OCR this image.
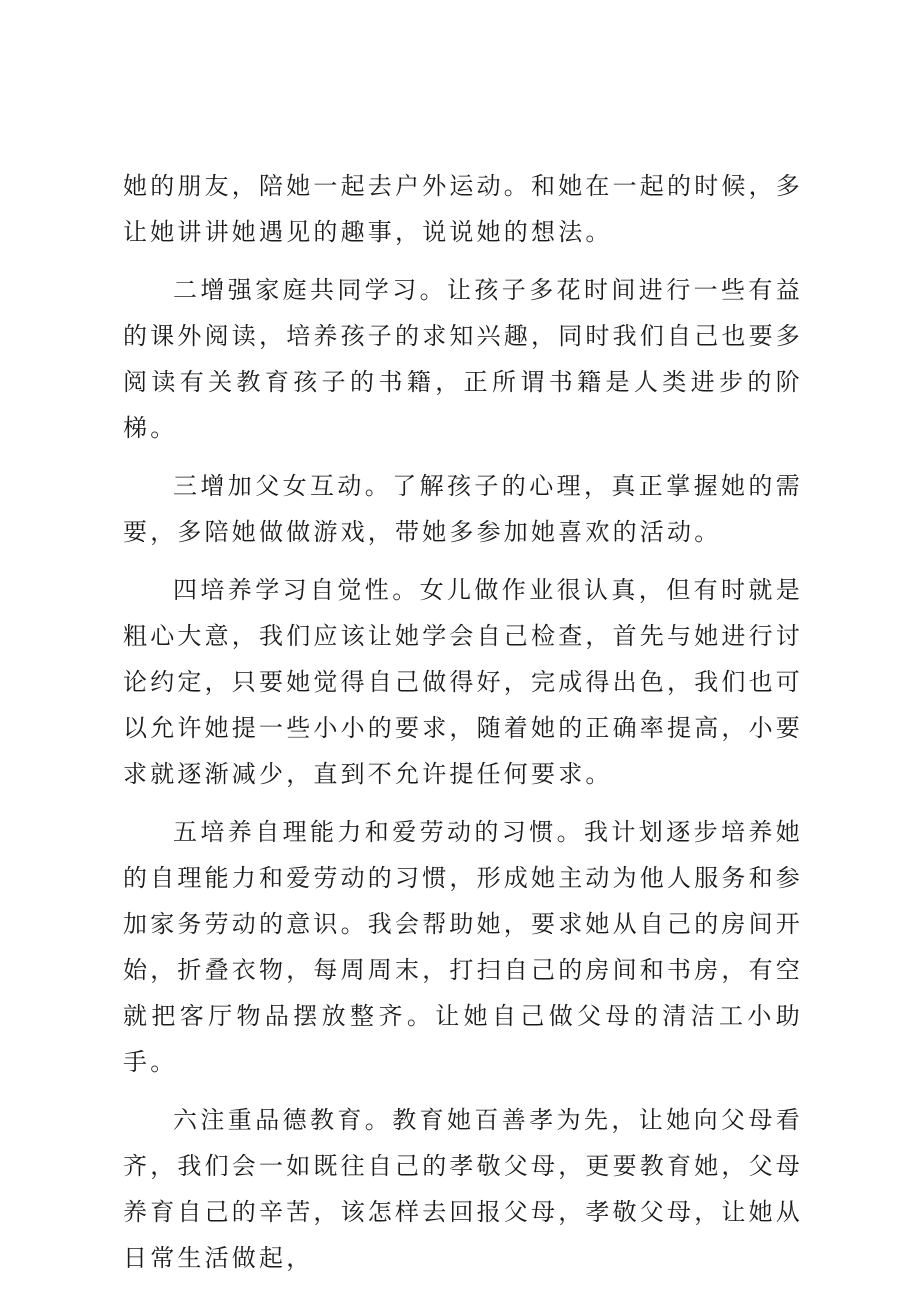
她的朋友，陪她一起去户外运动。和她在一起的时候，多让她讲讲她遇见的趣事，说说她的想法。

二增强家庭共同学习。让孩子多花时间进行一些有益的课外阅读，培养孩子的求知兴趣，同时我们自己也要多阅读有关教育孩子的书籍，正所谓书籍是人类进步的阶梯。

三增加父女互动。了解孩子的心理，真正掌握她的需要，多陪她做做游戏，带她多参加她喜欢的活动。

四培养学习自觉性。女儿做作业很认真，但有时就是粗心大意，我们应该让她学会自己检查，首先与她进行讨论约定，只要她觉得自己做得好，完成得出色，我们也可以允许她提一些小小的要求，随着她的正确率提高，小要求就逐渐减少，直到不允许提任何要求。

五培养自理能力和爱劳动的习惯。我计划逐步培养她的自理能力和爱劳动的习惯，形成她主动为他人服务和参加家务劳动的意识。我会帮助她，要求她从自己的房间开始，折叠衣物，每周周末，打扫自己的房间和书房，有空就把客厅物品摆放整齐。让她自己做父母的清洁工小助手。

六注重品德教育。教育她百善孝为先，让她向父母看齐，我们会一如既往自己的孝敬父母，更要教育她，父母养育自己的辛苦，该怎样去回报父母，孝敬父母，让她从日常生活做起，
